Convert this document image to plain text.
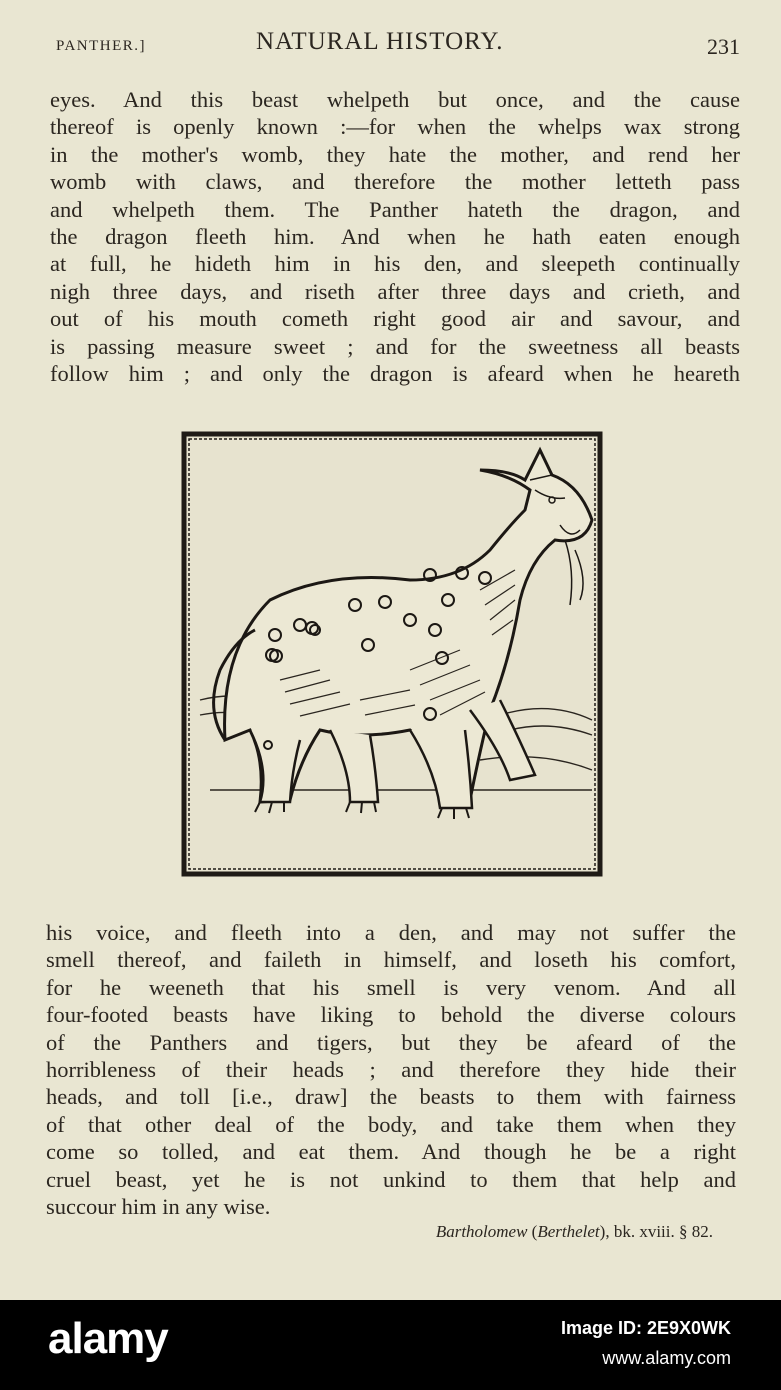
PANTHER.]	NATURAL HISTORY.	231
eyes. And this beast whelpeth but once, and the cause
thereof is openly known :—for when the whelps wax strong
in the mother's womb, they hate the mother, and rend her
womb with claws, and therefore the mother letteth pass
and whelpeth them. The Panther hateth the dragon, and
the dragon fleeth him. And when he hath eaten enough
at full, he hideth him in his den, and sleepeth continually
nigh three days, and riseth after three days and crieth, and
out of his mouth cometh right good air and savour, and
is passing measure sweet ; and for the sweetness all beasts
follow him ; and only the dragon is afeard when he heareth
his voice, and fleeth into a den, and may not suffer the
smell thereof, and faileth in himself, and loseth his comfort,
for he weeneth that his smell is very venom. And all
four-footed beasts have liking to behold the diverse colours
of the Panthers and tigers, but they be afeard of the
horribleness of their heads ; and therefore they hide their
heads, and toll [i.e., draw] the beasts to them with fairness
of that other deal of the body, and take them when they
come so tolled, and eat them. And though he be a right
cruel beast, yet he is not unkind to them that help and
succour him in any wise.
Bartholomew (Berthelet), bk. xviii. § 82.
alamy	Image ID: 2E9X0WK
www.alamy.com
